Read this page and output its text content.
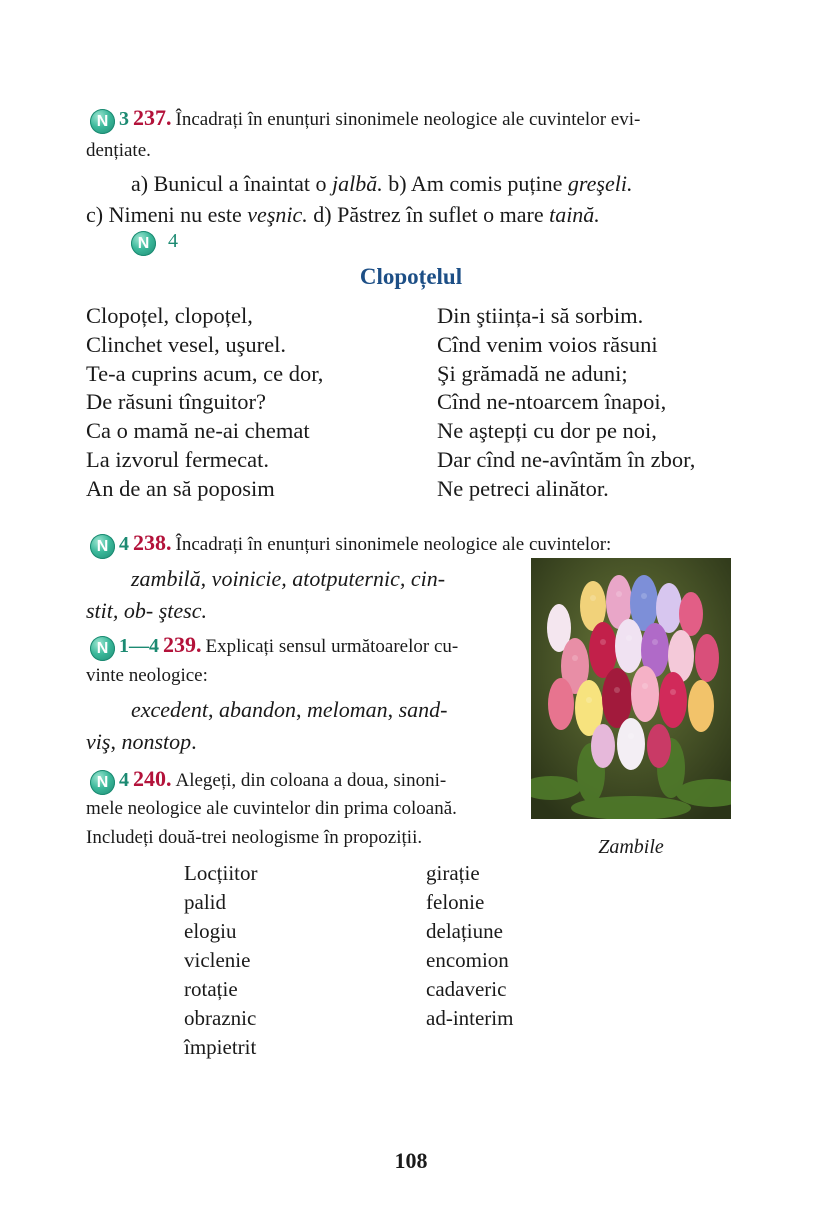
N 3 237. Încadrați în enunțuri sinonimele neologice ale cuvintelor evi-
dențiate.
a) Bunicul a înaintat o jalbă. b) Am comis puține greşeli.
c) Nimeni nu este veşnic. d) Păstrez în suflet o mare taină.
N 4
Clopoțelul
Clopoțel, clopoțel,
Clinchet vesel, uşurel.
Te-a cuprins acum, ce dor,
De răsuni tînguitor?
Ca o mamă ne-ai chemat
La izvorul fermecat.
An de an să poposim
Din ştiința-i să sorbim.
Cînd venim voios răsuni
Şi grămadă ne aduni;
Cînd ne-ntoarcem înapoi,
Ne aştepți cu dor pe noi,
Dar cînd ne-avîntăm în zbor,
Ne petreci alinător.
N 4 238. Încadrați în enunțuri sinonimele neologice ale cuvintelor:
zambilă, voinicie, atotputernic, cin-
stit, ob- ştesc.
N 1—4 239. Explicați sensul următoarelor cu-
vinte neologice:
excedent, abandon, meloman, sand-
viş, nonstop.
N 4 240. Alegeți, din coloana a doua, sinoni-
mele neologice ale cuvintelor din prima coloană.
Includeți două-trei neologisme în propoziții.
Locțiitor
palid
elogiu
viclenie
rotație
obraznic
împietrit
girație
felonie
delațiune
encomion
cadaveric
ad-interim
Zambile
108
